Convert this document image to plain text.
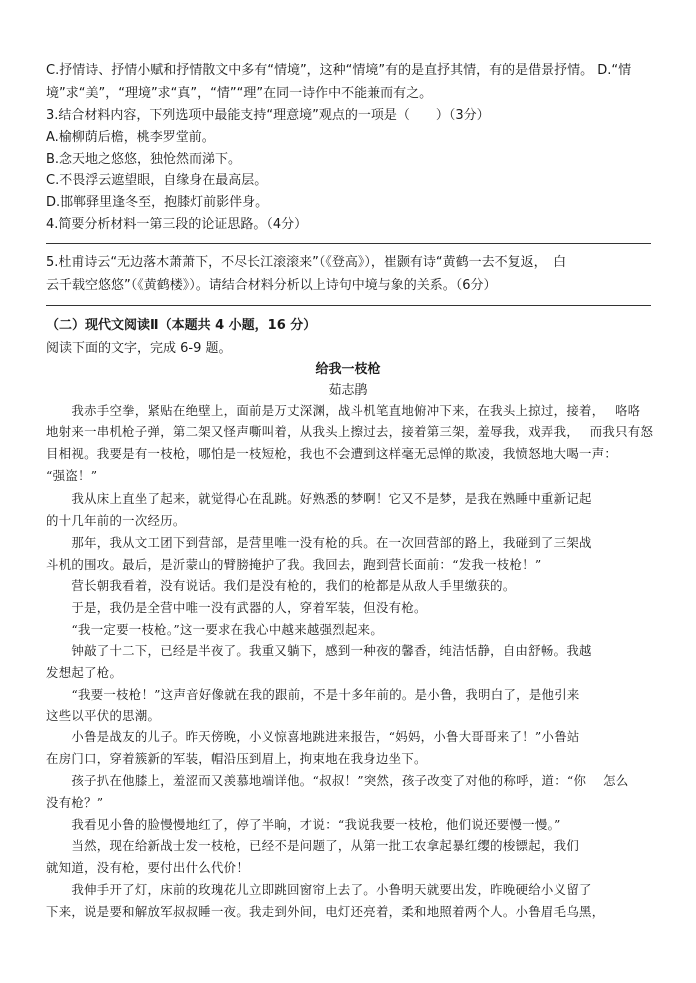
C.抒情诗、抒情小赋和抒情散文中多有“情境”，这种“情境”有的是直抒其情，有的是借景抒情。 D.“情
境”求“美”，“理境”求“真”，“情”“理”在同一诗作中不能兼而有之。
3.结合材料内容，下列选项中最能支持“理意境”观点的一项是（　　）（3分）
A.榆柳荫后檐，桃李罗堂前。
B.念天地之悠悠，独怆然而涕下。
C.不畏浮云遮望眼，自缘身在最高层。
D.邯郸驿里逢冬至，抱膝灯前影伴身。
4.简要分析材料一第三段的论证思路。（4分）
5.杜甫诗云“无边落木萧萧下，不尽长江滚滚来”（《登高》），崔颢有诗“黄鹤一去不复返，　白
云千载空悠悠”（《黄鹤楼》）。请结合材料分析以上诗句中境与象的关系。（6分）
（二）现代文阅读Ⅱ（本题共 4 小题，16 分）
阅读下面的文字，完成 6-9 题。
给我一枝枪
茹志鹃
　　我赤手空拳，紧贴在绝壁上，面前是万丈深渊，战斗机笔直地俯冲下来，在我头上掠过，接着，　 咯咯
地射来一串机枪子弹，第二架又怪声嘶叫着，从我头上擦过去，接着第三架，羞辱我，戏弄我，　 而我只有怒
目相视。我要是有一枝枪，哪怕是一枝短枪，我也不会遭到这样毫无忌惮的欺凌，我愤怒地大喝一声：
“强盗！”
　　我从床上直坐了起来，就觉得心在乱跳。好熟悉的梦啊！它又不是梦，是我在熟睡中重新记起
的十几年前的一次经历。
　　那年，我从文工团下到营部，是营里唯一没有枪的兵。在一次回营部的路上，我碰到了三架战
斗机的围攻。最后，是沂蒙山的臂膀掩护了我。我回去，跑到营长面前：“发我一枝枪！”
　　营长朝我看着，没有说话。我们是没有枪的，我们的枪都是从敌人手里缴获的。
　　于是，我仍是全营中唯一没有武器的人，穿着军装，但没有枪。
　　“我一定要一枝枪。”这一要求在我心中越来越强烈起来。
　　钟敲了十二下，已经是半夜了。我重又躺下，感到一种夜的馨香，纯洁恬静，自由舒畅。我越
发想起了枪。
　　“我要一枝枪！”这声音好像就在我的跟前，不是十多年前的。是小鲁，我明白了，是他引来
这些以平伏的思潮。
　　小鲁是战友的儿子。昨天傍晚，小义惊喜地跳进来报告，“妈妈，小鲁大哥哥来了！”小鲁站
在房门口，穿着簇新的军装，帽沿压到眉上，拘束地在我身边坐下。
　　孩子扒在他膝上，羞涩而又羡慕地端详他。“叔叔！”突然，孩子改变了对他的称呼，道：“你　 怎么
没有枪？”
　　我看见小鲁的脸慢慢地红了，停了半晌，才说：“我说我要一枝枪，他们说还要慢一慢。”
　　当然，现在给新战士发一枝枪，已经不是问题了，从第一批工农拿起暴红缨的梭镖起，我们
就知道，没有枪，要付出什么代价！
　　我伸手开了灯，床前的玫瑰花儿立即跳回窗帘上去了。小鲁明天就要出发，昨晚硬给小义留了
下来，说是要和解放军叔叔睡一夜。我走到外间，电灯还亮着，柔和地照着两个人。小鲁眉毛乌黑，
